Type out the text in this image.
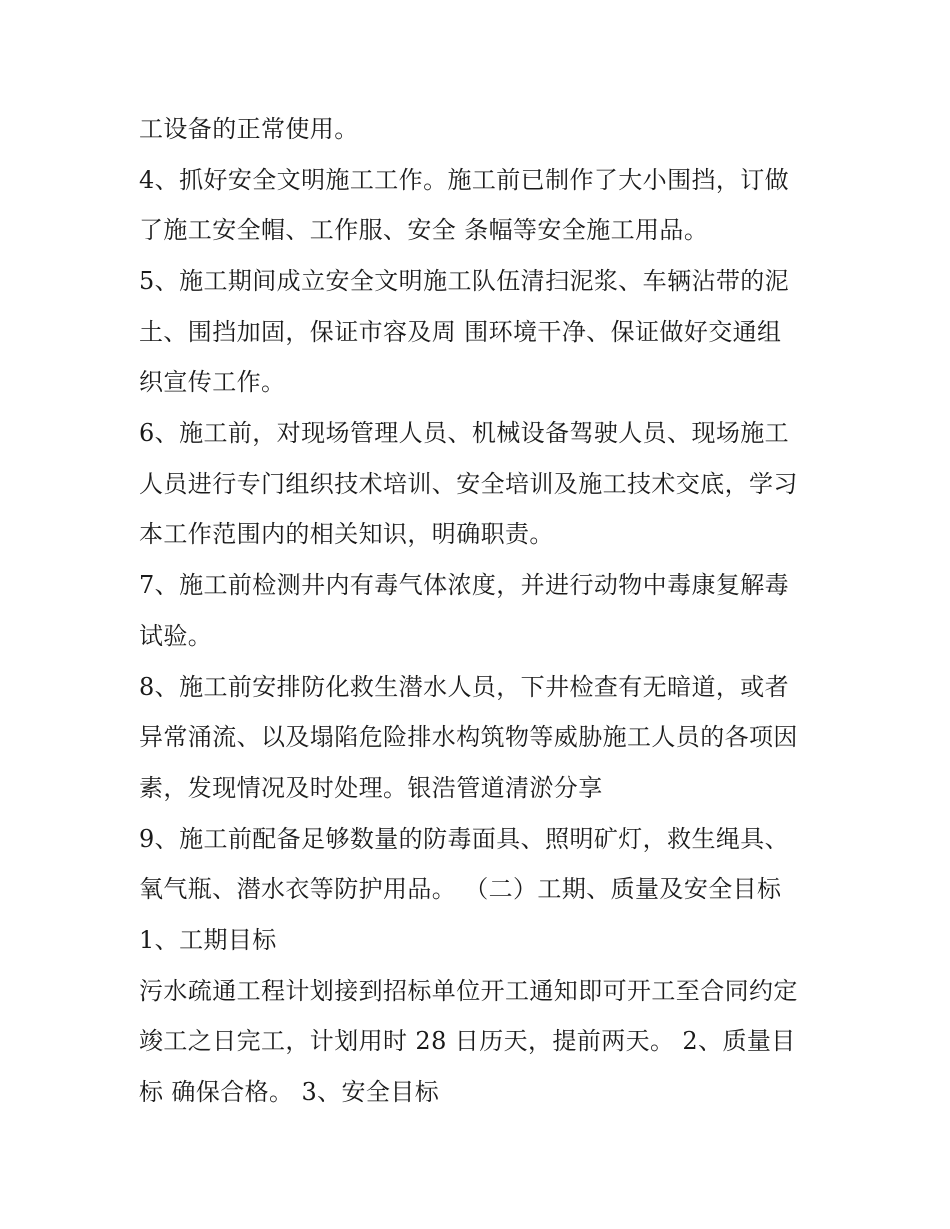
工设备的正常使用。
4、抓好安全文明施工工作。施工前已制作了大小围挡，订做
了施工安全帽、工作服、安全 条幅等安全施工用品。
5、施工期间成立安全文明施工队伍清扫泥浆、车辆沾带的泥
土、围挡加固，保证市容及周 围环境干净、保证做好交通组
织宣传工作。
6、施工前，对现场管理人员、机械设备驾驶人员、现场施工
人员进行专门组织技术培训、安全培训及施工技术交底，学习
本工作范围内的相关知识，明确职责。
7、施工前检测井内有毒气体浓度，并进行动物中毒康复解毒
试验。
8、施工前安排防化救生潜水人员，下井检查有无暗道，或者
异常涌流、以及塌陷危险排水构筑物等威胁施工人员的各项因
素，发现情况及时处理。银浩管道清淤分享
9、施工前配备足够数量的防毒面具、照明矿灯，救生绳具、
氧气瓶、潜水衣等防护用品。 （二）工期、质量及安全目标
1、工期目标
污水疏通工程计划接到招标单位开工通知即可开工至合同约定
竣工之日完工，计划用时 28 日历天，提前两天。 2、质量目
标 确保合格。 3、安全目标
